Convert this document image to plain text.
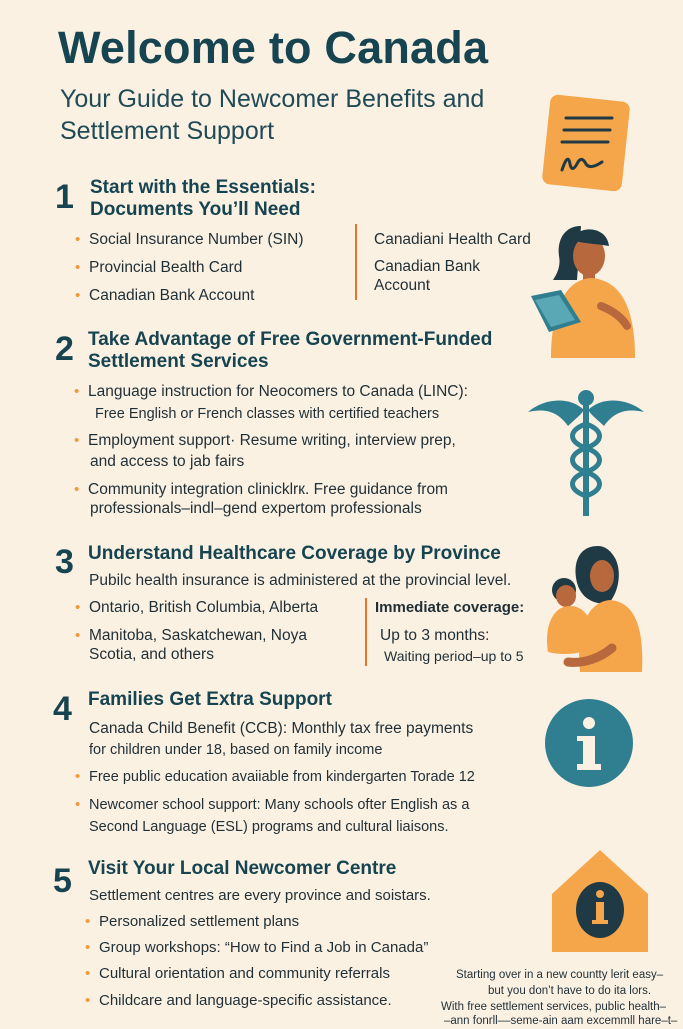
Welcome to Canada
Your Guide to Newcomer Benefits and Settlement Support
1 Start with the Essentials:
Documents You’ll Need
• Social Insurance Number (SIN)
• Provincial Bealth Card
• Canadian Bank Account
Canadiani Health Card
Canadian Bank
Account
2 Take Advantage of Free Government-Funded
Settlement Services
• Language instruction for Neocomers to Canada (LINC):
Free English or French classes with certified teachers
• Employment support· Resume writing, interview prep,
and access to jab fairs
• Community integration clinicklrк. Free guidance from
professionals–indl–gend expertom professionals
3 Understand Healthcare Coverage by Province
Pubilc health insurance is administered at the provincial level.
• Ontario, British Columbia, Alberta
• Manitoba, Saskatchewan, Noya
Scotia, and others
Immediate coverage:
Up to 3 months:
Waiting period–up to 5
4 Families Get Extra Support
Canada Child Benefit (CCB): Monthly tax free payments
for children under 18, based on family income
• Free public education avaiiable from kindergarten Torade 12
• Newcomer school support: Many schools ofter English as a
Second Language (ESL) programs and cultural liaisons.
5 Visit Your Local Newcomer Centre
Settlement centres are every province and soistars.
• Personalized settlement plans
• Group workshops: “How to Find a Job in Canada”
• Cultural orientation and community referrals
• Childcare and language-specific assistance.
Starting over in a new countty lerit easy–
but you don’t have to do ita lors.
With free settlement services, public health–
–ann fonrll––seme-ain aam excemmll hare–t–
